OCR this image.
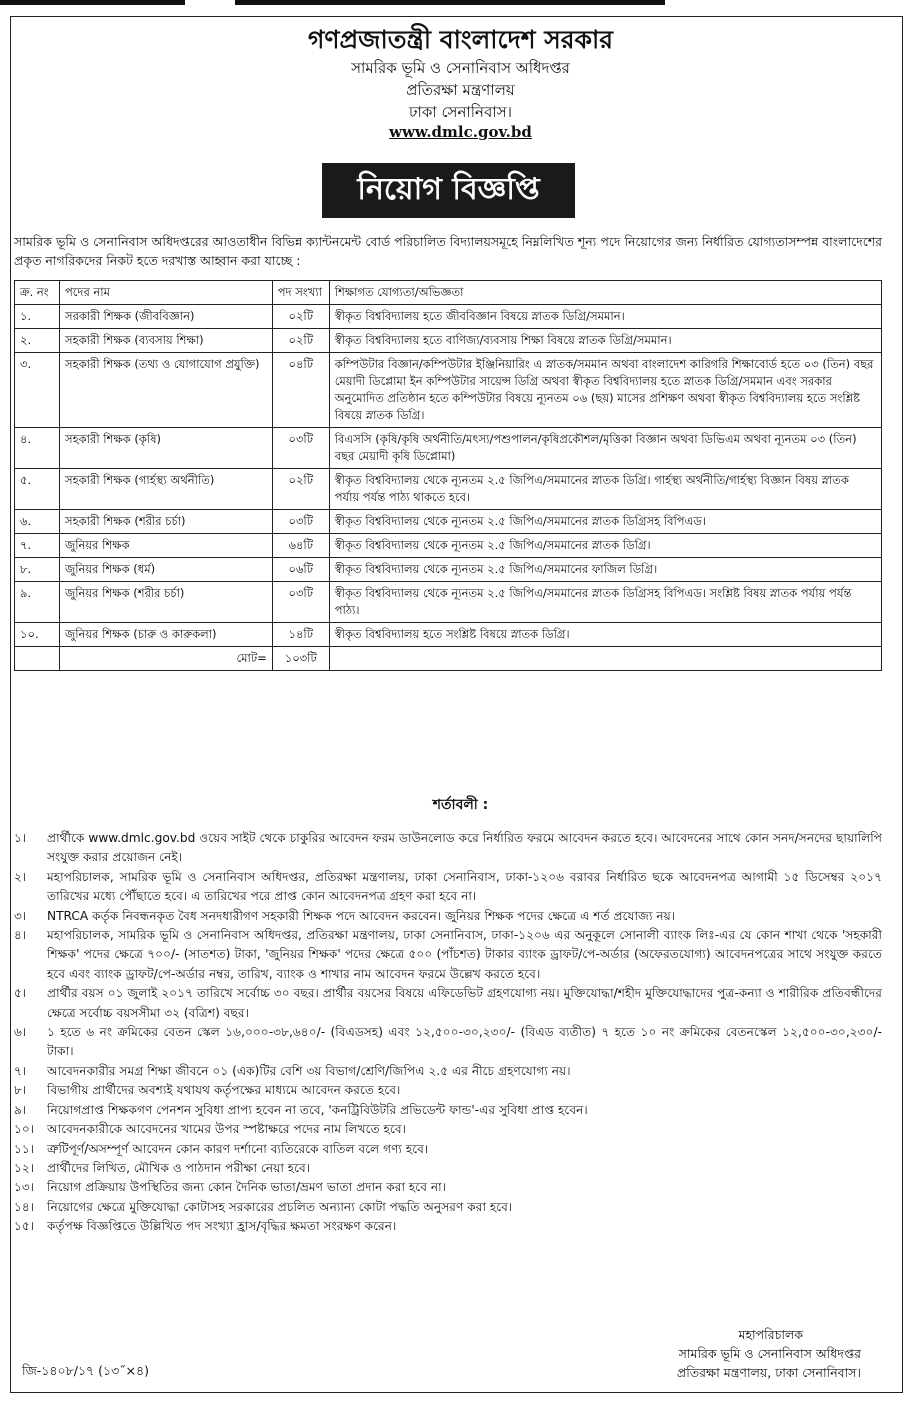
গণপ্রজাতন্ত্রী বাংলাদেশ সরকার
সামরিক ভূমি ও সেনানিবাস অধিদপ্তর
প্রতিরক্ষা মন্ত্রণালয়
ঢাকা সেনানিবাস।
www.dmlc.gov.bd
নিয়োগ বিজ্ঞপ্তি
সামরিক ভূমি ও সেনানিবাস অধিদপ্তরের আওতাধীন বিভিন্ন ক্যান্টনমেন্ট বোর্ড পরিচালিত বিদ্যালয়সমূহে নিম্নলিখিত শূন্য পদে নিয়োগের জন্য নির্ধারিত যোগ্যতাসম্পন্ন বাংলাদেশের প্রকৃত নাগরিকদের নিকট হতে দরখাস্ত আহ্বান করা যাচ্ছে :
ক্র. নং	পদের নাম	পদ সংখ্যা	শিক্ষাগত যোগ্যতা/অভিজ্ঞতা
১.	সরকারী শিক্ষক (জীববিজ্ঞান)	০২টি	স্বীকৃত বিশ্ববিদ্যালয় হতে জীববিজ্ঞান বিষয়ে স্নাতক ডিগ্রি/সমমান।
২.	সহকারী শিক্ষক (ব্যবসায় শিক্ষা)	০২টি	স্বীকৃত বিশ্ববিদ্যালয় হতে বাণিজ্য/ব্যবসায় শিক্ষা বিষয়ে স্নাতক ডিগ্রি/সমমান।
৩.	সহকারী শিক্ষক (তথ্য ও যোগাযোগ প্রযুক্তি)	০৪টি	কম্পিউটার বিজ্ঞান/কম্পিউটার ইঞ্জিনিয়ারিং এ স্নাতক/সমমান অথবা বাংলাদেশ কারিগরি শিক্ষাবোর্ড হতে ০৩ (তিন) বছর মেয়াদী ডিপ্লোমা ইন কম্পিউটার সায়েন্স ডিগ্রি অথবা স্বীকৃত বিশ্ববিদ্যালয় হতে স্নাতক ডিগ্রি/সমমান এবং সরকার অনুমোদিত প্রতিষ্ঠান হতে কম্পিউটার বিষয়ে ন্যূনতম ০৬ (ছয়) মাসের প্রশিক্ষণ অথবা স্বীকৃত বিশ্ববিদ্যালয় হতে সংশ্লিষ্ট বিষয়ে স্নাতক ডিগ্রি।
৪.	সহকারী শিক্ষক (কৃষি)	০৩টি	বিএসসি (কৃষি/কৃষি অর্থনীতি/মৎস্য/পশুপালন/কৃষিপ্রকৌশল/মৃত্তিকা বিজ্ঞান অথবা ডিভিএম অথবা ন্যূনতম ০৩ (তিন) বছর মেয়াদী কৃষি ডিপ্লোমা)
৫.	সহকারী শিক্ষক (গার্হস্থ্য অর্থনীতি)	০২টি	স্বীকৃত বিশ্ববিদ্যালয় থেকে ন্যূনতম ২.৫ জিপিএ/সমমানের স্নাতক ডিগ্রি। গার্হস্থ্য অর্থনীতি/গার্হস্থ্য বিজ্ঞান বিষয় স্নাতক পর্যায় পর্যন্ত পাঠ্য থাকতে হবে।
৬.	সহকারী শিক্ষক (শরীর চর্চা)	০৩টি	স্বীকৃত বিশ্ববিদ্যালয় থেকে ন্যূনতম ২.৫ জিপিএ/সমমানের স্নাতক ডিগ্রিসহ বিপিএড।
৭.	জুনিয়র শিক্ষক	৬৪টি	স্বীকৃত বিশ্ববিদ্যালয় থেকে ন্যূনতম ২.৫ জিপিএ/সমমানের স্নাতক ডিগ্রি।
৮.	জুনিয়র শিক্ষক (ধর্ম)	০৬টি	স্বীকৃত বিশ্ববিদ্যালয় থেকে ন্যূনতম ২.৫ জিপিএ/সমমানের ফাজিল ডিগ্রি।
৯.	জুনিয়র শিক্ষক (শরীর চর্চা)	০৩টি	স্বীকৃত বিশ্ববিদ্যালয় থেকে ন্যূনতম ২.৫ জিপিএ/সমমানের স্নাতক ডিগ্রিসহ বিপিএড। সংশ্লিষ্ট বিষয় স্নাতক পর্যায় পর্যন্ত পাঠ্য।
১০.	জুনিয়র শিক্ষক (চারু ও কারুকলা)	১৪টি	স্বীকৃত বিশ্ববিদ্যালয় হতে সংশ্লিষ্ট বিষয়ে স্নাতক ডিগ্রি।
	মোট=	১০৩টি	
শর্তাবলী :
১।	প্রার্থীকে www.dmlc.gov.bd ওয়েব সাইট থেকে চাকুরির আবেদন ফরম ডাউনলোড করে নির্ধারিত ফরমে আবেদন করতে হবে। আবেদনের সাথে কোন সনদ/সনদের ছায়ালিপি সংযুক্ত করার প্রয়োজন নেই।
২।	মহাপরিচালক, সামরিক ভূমি ও সেনানিবাস অধিদপ্তর, প্রতিরক্ষা মন্ত্রণালয়, ঢাকা সেনানিবাস, ঢাকা-১২০৬ বরাবর নির্ধারিত ছকে আবেদনপত্র আগামী ১৫ ডিসেম্বর ২০১৭ তারিখের মধ্যে পৌঁছাতে হবে। এ তারিখের পরে প্রাপ্ত কোন আবেদনপত্র গ্রহণ করা হবে না।
৩।	NTRCA কর্তৃক নিবন্ধনকৃত বৈধ সনদধারীগণ সহকারী শিক্ষক পদে আবেদন করবেন। জুনিয়র শিক্ষক পদের ক্ষেত্রে এ শর্ত প্রযোজ্য নয়।
৪।	মহাপরিচালক, সামরিক ভূমি ও সেনানিবাস অধিদপ্তর, প্রতিরক্ষা মন্ত্রণালয়, ঢাকা সেনানিবাস, ঢাকা-১২০৬ এর অনুকূলে সোনালী ব্যাংক লিঃ-এর যে কোন শাখা থেকে 'সহকারী শিক্ষক' পদের ক্ষেত্রে ৭০০/- (সাতশত) টাকা, 'জুনিয়র শিক্ষক' পদের ক্ষেত্রে ৫০০ (পাঁচশত) টাকার ব্যাংক ড্রাফট/পে-অর্ডার (অফেরতযোগ্য) আবেদনপত্রের সাথে সংযুক্ত করতে হবে এবং ব্যাংক ড্রাফট/পে-অর্ডার নম্বর, তারিখ, ব্যাংক ও শাখার নাম আবেদন ফরমে উল্লেখ করতে হবে।
৫।	প্রার্থীর বয়স ০১ জুলাই ২০১৭ তারিখে সর্বোচ্চ ৩০ বছর। প্রার্থীর বয়সের বিষয়ে এফিডেভিট গ্রহণযোগ্য নয়। মুক্তিযোদ্ধা/শহীদ মুক্তিযোদ্ধাদের পুত্র-কন্যা ও শারীরিক প্রতিবন্ধীদের ক্ষেত্রে সর্বোচ্চ বয়সসীমা ৩২ (বত্রিশ) বছর।
৬।	১ হতে ৬ নং ক্রমিকের বেতন স্কেল ১৬,০০০-৩৮,৬৪০/- (বিএডসহ) এবং ১২,৫০০-৩০,২৩০/- (বিএড ব্যতীত) ৭ হতে ১০ নং ক্রমিকের বেতনস্কেল ১২,৫০০-৩০,২৩০/- টাকা।
৭।	আবেদনকারীর সমগ্র শিক্ষা জীবনে ০১ (এক)টির বেশি ৩য় বিভাগ/শ্রেণি/জিপিএ ২.৫ এর নীচে গ্রহণযোগ্য নয়।
৮।	বিভাগীয় প্রার্থীদের অবশ্যই যথাযথ কর্তৃপক্ষের মাধ্যমে আবেদন করতে হবে।
৯।	নিয়োগপ্রাপ্ত শিক্ষকগণ পেনশন সুবিধা প্রাপ্য হবেন না তবে, 'কনট্রিবিউটরি প্রভিডেন্ট ফান্ড'-এর সুবিধা প্রাপ্ত হবেন।
১০।	আবেদনকারীকে আবেদনের খামের উপর স্পষ্টাক্ষরে পদের নাম লিখতে হবে।
১১।	ত্রুটিপূর্ণ/অসম্পূর্ণ আবেদন কোন কারণ দর্শানো ব্যতিরেকে বাতিল বলে গণ্য হবে।
১২।	প্রার্থীদের লিখিত, মৌখিক ও পাঠদান পরীক্ষা নেয়া হবে।
১৩।	নিয়োগ প্রক্রিয়ায় উপস্থিতির জন্য কোন দৈনিক ভাতা/ভ্রমণ ভাতা প্রদান করা হবে না।
১৪।	নিয়োগের ক্ষেত্রে মুক্তিযোদ্ধা কোটাসহ সরকারের প্রচলিত অন্যান্য কোটা পদ্ধতি অনুসরণ করা হবে।
১৫।	কর্তৃপক্ষ বিজ্ঞপ্তিতে উল্লিখিত পদ সংখ্যা হ্রাস/বৃদ্ধির ক্ষমতা সংরক্ষণ করেন।
মহাপরিচালক
সামরিক ভূমি ও সেনানিবাস অধিদপ্তর
প্রতিরক্ষা মন্ত্রণালয়, ঢাকা সেনানিবাস।
জি-১৪০৮/১৭ (১৩˝×৪)
